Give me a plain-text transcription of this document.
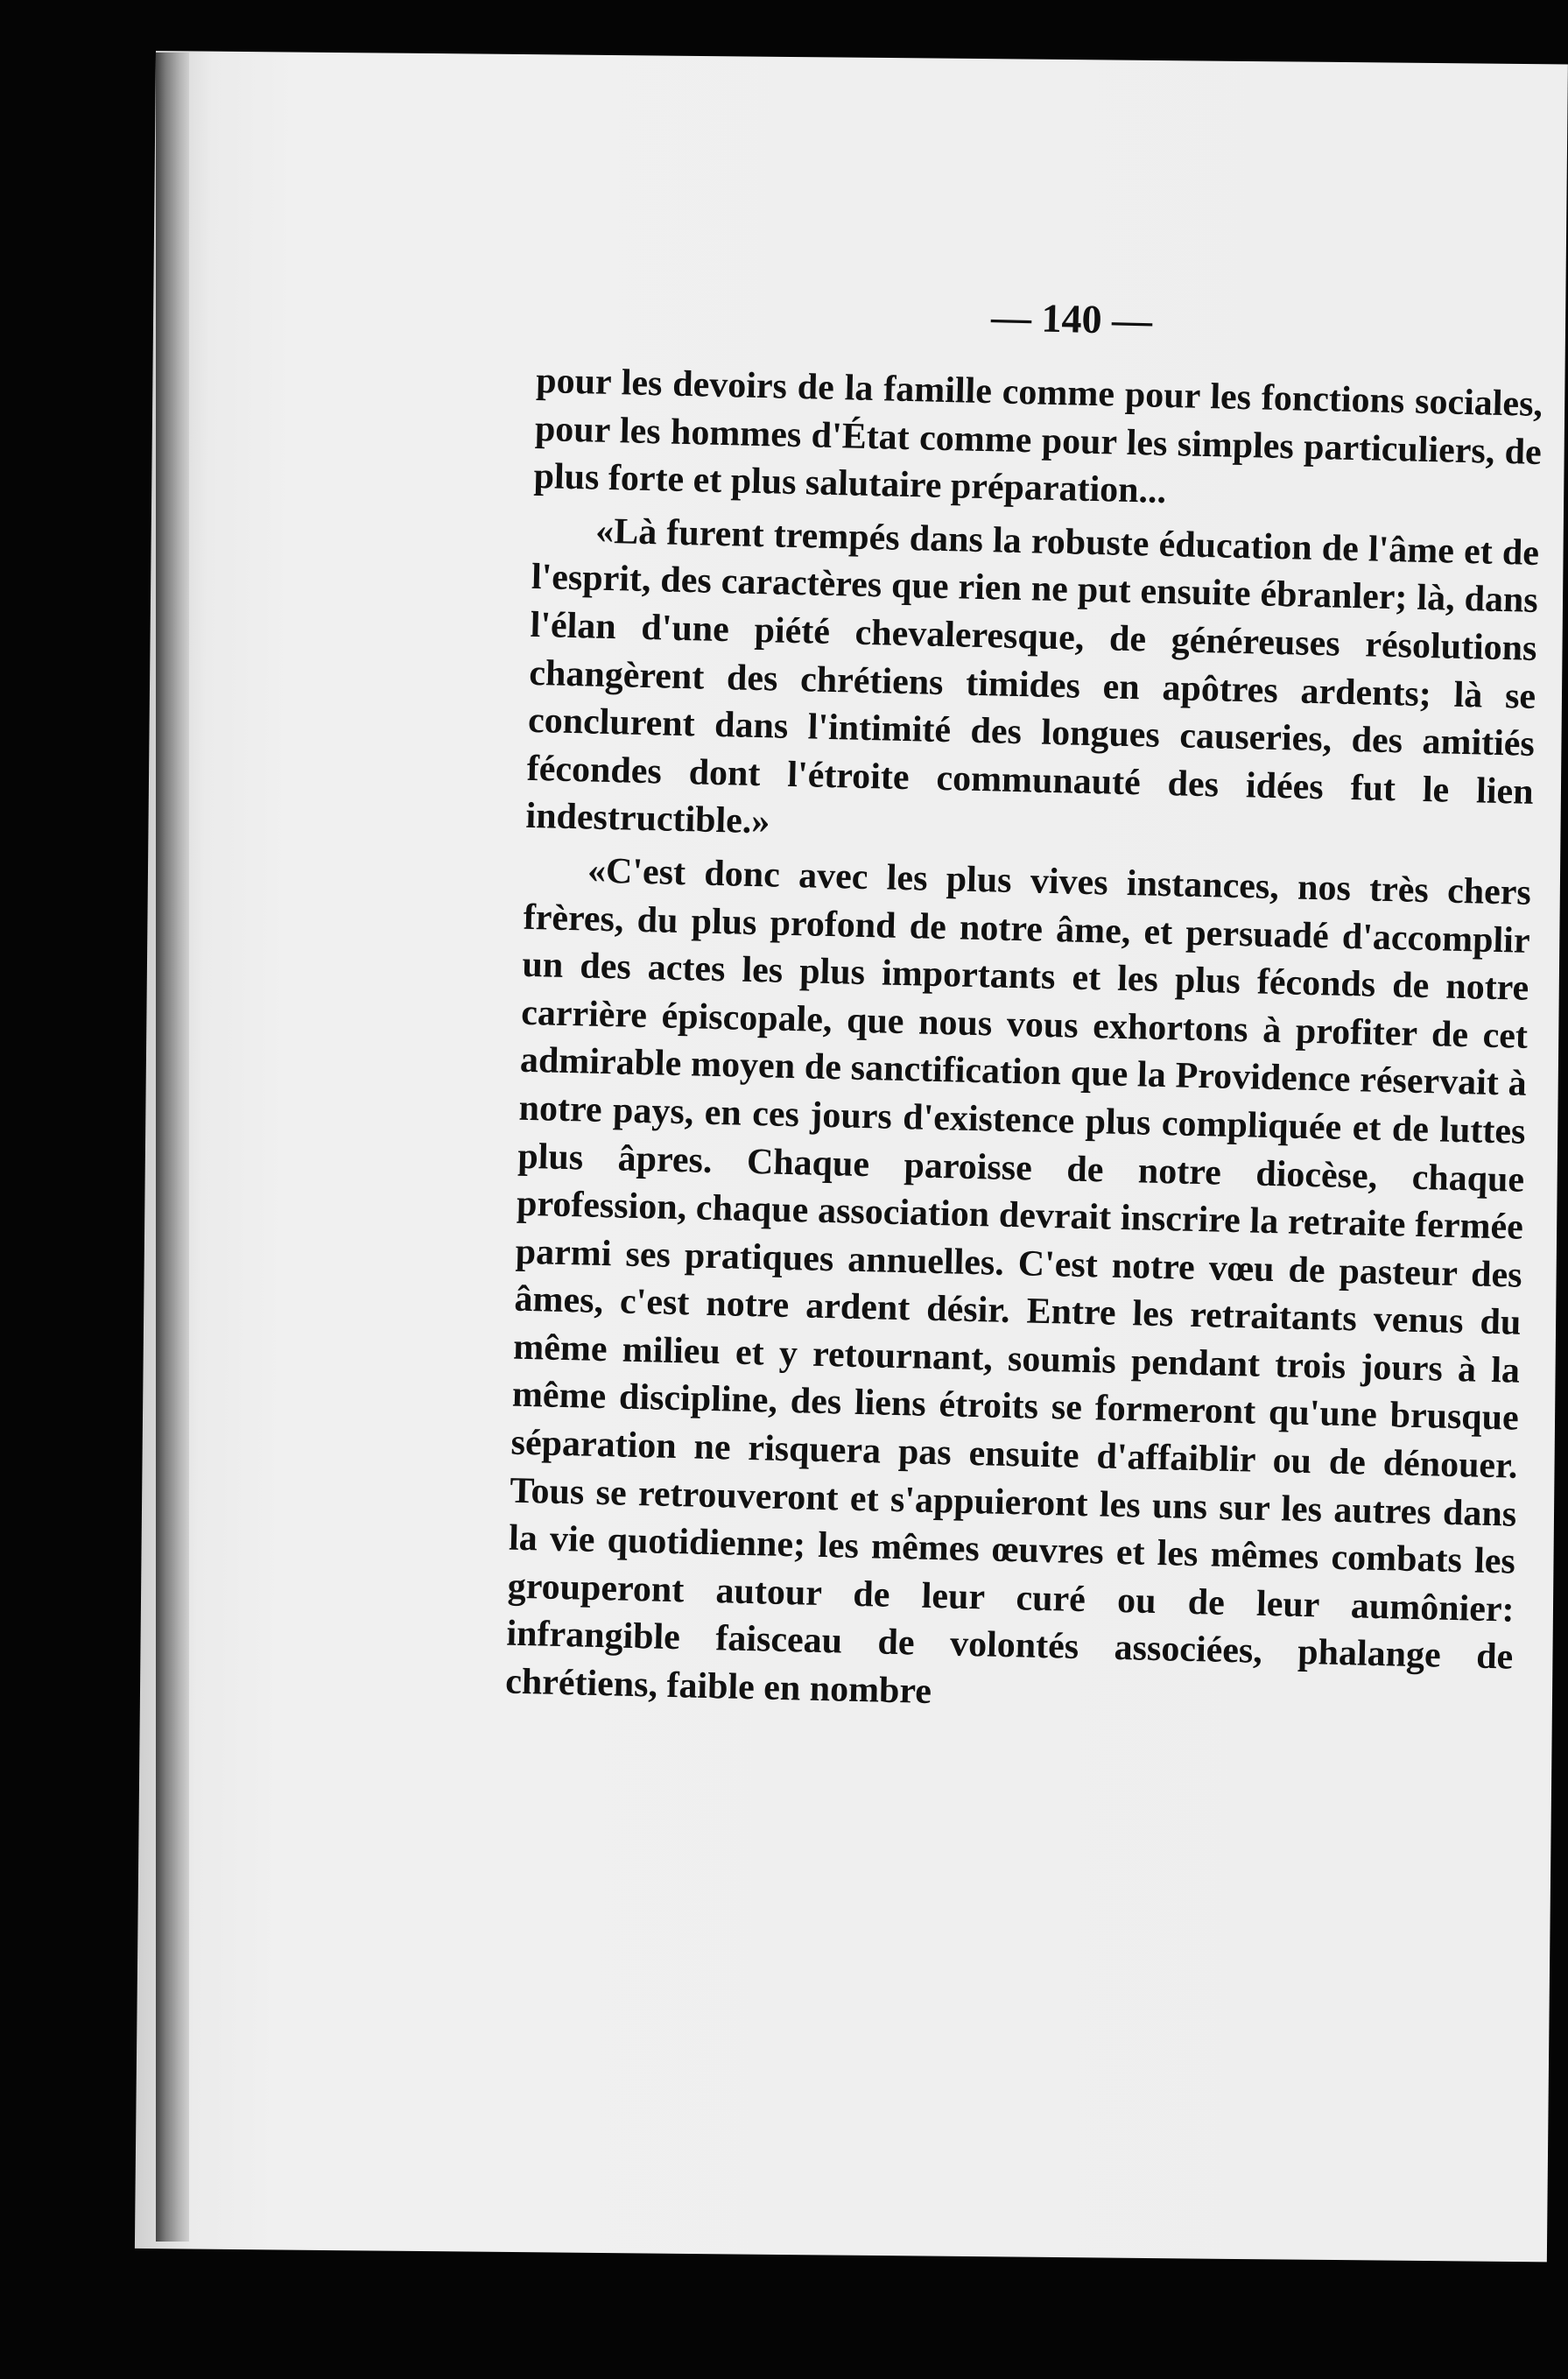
— 140 —

pour les devoirs de la famille comme pour les fonctions sociales, pour les hommes d'État comme pour les simples particuliers, de plus forte et plus salutaire préparation...

«Là furent trempés dans la robuste éducation de l'âme et de l'esprit, des caractères que rien ne put ensuite ébranler; là, dans l'élan d'une piété chevaleresque, de généreuses résolutions changèrent des chrétiens timides en apôtres ardents; là se conclurent dans l'intimité des longues causeries, des amitiés fécondes dont l'étroite communauté des idées fut le lien indestructible.»

«C'est donc avec les plus vives instances, nos très chers frères, du plus profond de notre âme, et persuadé d'accomplir un des actes les plus importants et les plus féconds de notre carrière épiscopale, que nous vous exhortons à profiter de cet admirable moyen de sanctification que la Providence réservait à notre pays, en ces jours d'existence plus compliquée et de luttes plus âpres. Chaque paroisse de notre diocèse, chaque profession, chaque association devrait inscrire la retraite fermée parmi ses pratiques annuelles. C'est notre vœu de pasteur des âmes, c'est notre ardent désir. Entre les retraitants venus du même milieu et y retournant, soumis pendant trois jours à la même discipline, des liens étroits se formeront qu'une brusque séparation ne risquera pas ensuite d'affaiblir ou de dénouer. Tous se retrouveront et s'appuieront les uns sur les autres dans la vie quotidienne; les mêmes œuvres et les mêmes combats les grouperont autour de leur curé ou de leur aumônier: infrangible faisceau de volontés associées, phalange de chrétiens, faible en nombre
